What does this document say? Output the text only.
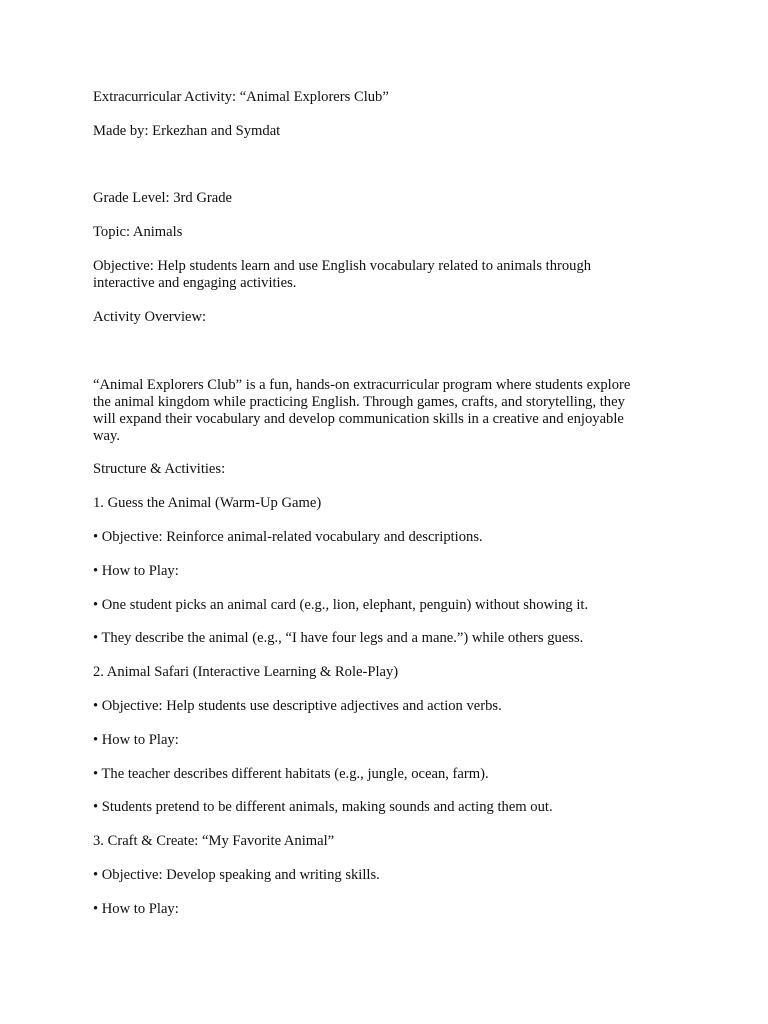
Extracurricular Activity: “Animal Explorers Club”

Made by: Erkezhan and Symdat

Grade Level: 3rd Grade

Topic: Animals

Objective: Help students learn and use English vocabulary related to animals through

interactive and engaging activities.

Activity Overview:

“Animal Explorers Club” is a fun, hands-on extracurricular program where students explore

the animal kingdom while practicing English. Through games, crafts, and storytelling, they

will expand their vocabulary and develop communication skills in a creative and enjoyable

way.

Structure & Activities:

1. Guess the Animal (Warm-Up Game)

• Objective: Reinforce animal-related vocabulary and descriptions.

• How to Play:

• One student picks an animal card (e.g., lion, elephant, penguin) without showing it.

• They describe the animal (e.g., “I have four legs and a mane.”) while others guess.

2. Animal Safari (Interactive Learning & Role-Play)

• Objective: Help students use descriptive adjectives and action verbs.

• How to Play:

• The teacher describes different habitats (e.g., jungle, ocean, farm).

• Students pretend to be different animals, making sounds and acting them out.

3. Craft & Create: “My Favorite Animal”

• Objective: Develop speaking and writing skills.

• How to Play:
